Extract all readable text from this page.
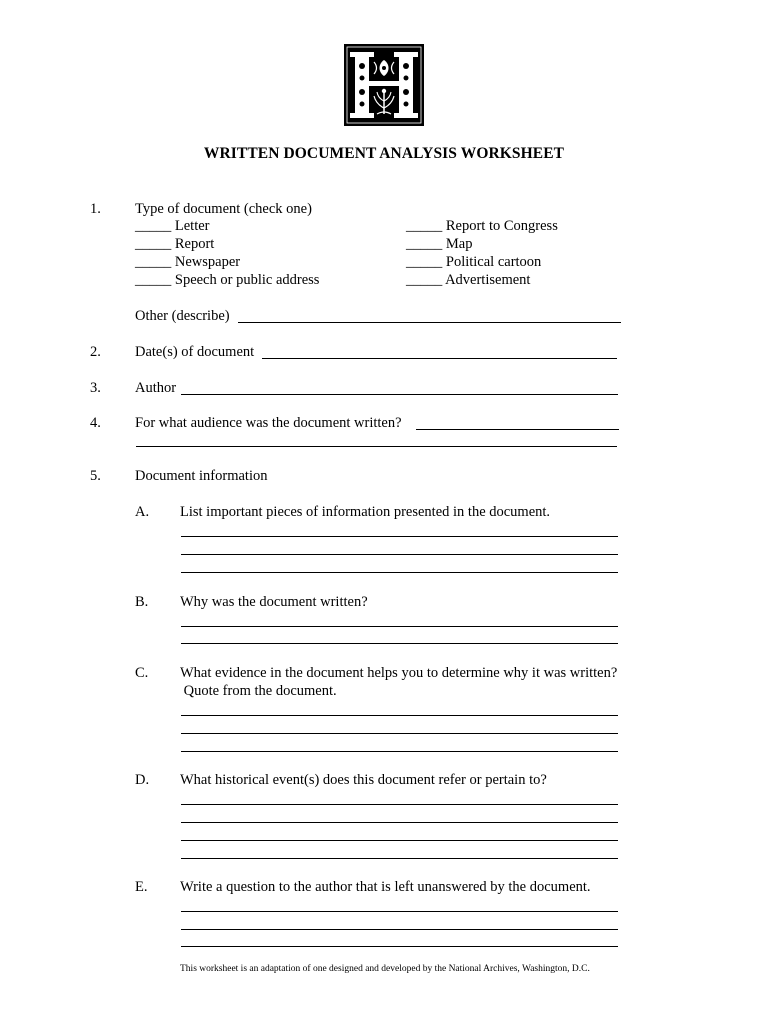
WRITTEN DOCUMENT ANALYSIS WORKSHEET
1. Type of document (check one)
_____ Letter
_____ Report
_____ Newspaper
_____ Speech or public address
_____ Report to Congress
_____ Map
_____ Political cartoon
_____ Advertisement
Other (describe)
2. Date(s) of document
3. Author
4. For what audience was the document written?
5. Document information
A. List important pieces of information presented in the document.
B. Why was the document written?
C. What evidence in the document helps you to determine why it was written?
Quote from the document.
D. What historical event(s) does this document refer or pertain to?
E. Write a question to the author that is left unanswered by the document.
This worksheet is an adaptation of one designed and developed by the National Archives, Washington, D.C.
